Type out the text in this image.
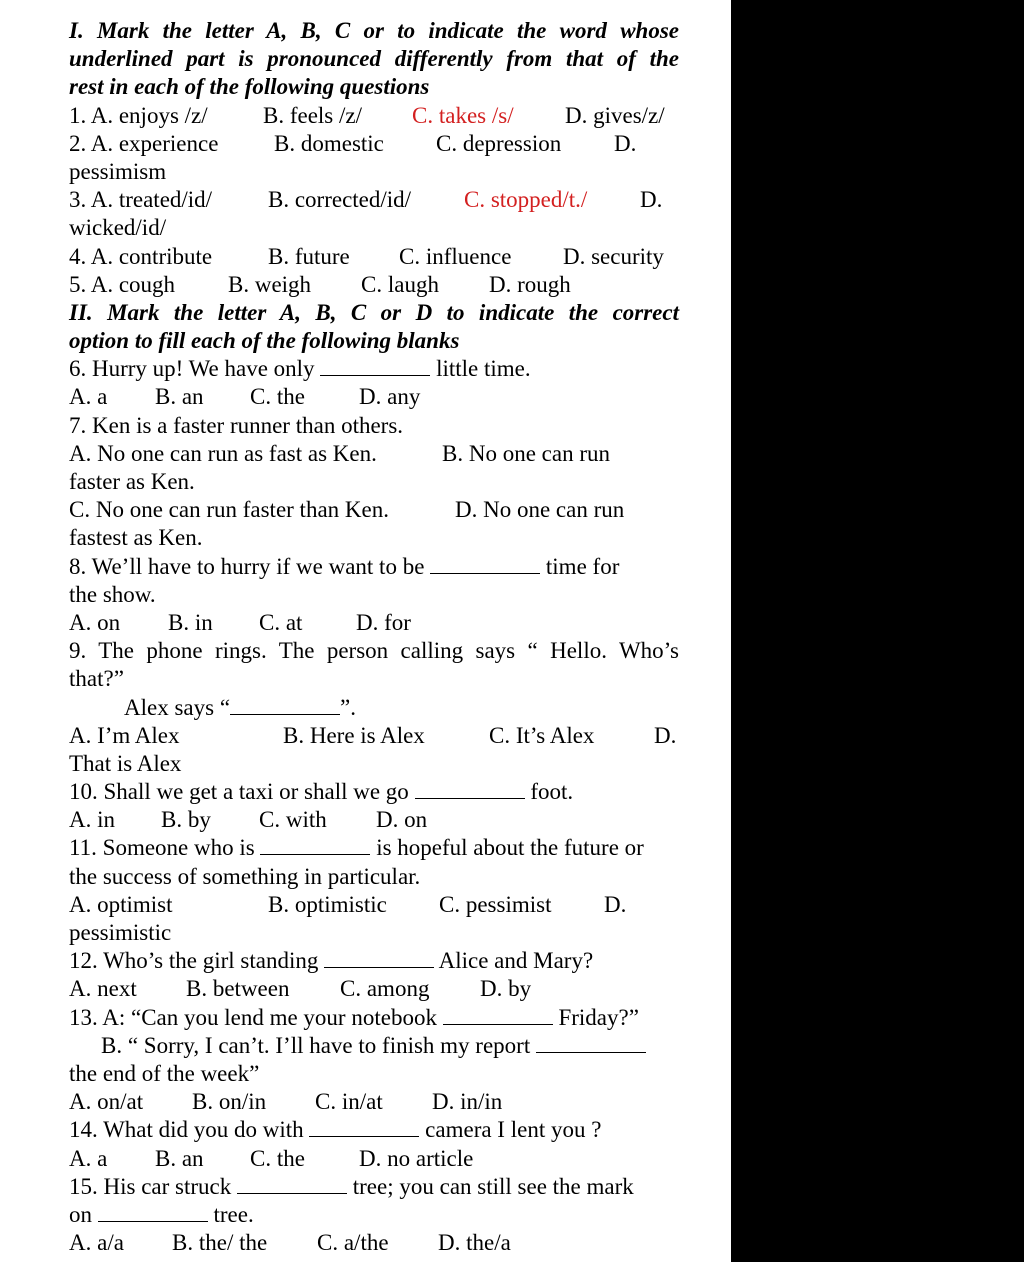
I. Mark the letter A, B, C or to indicate the word whose
underlined part is pronounced differently from that of the
rest in each of the following questions
1. A. enjoys /z/ B. feels /z/ C. takes /s/ D. gives/z/
2. A. experience B. domestic C. depression D.
pessimism
3. A. treated/id/ B. corrected/id/ C. stopped/t./ D.
wicked/id/
4. A. contribute B. future C. influence D. security
5. A. cough B. weigh C. laugh D. rough
II. Mark the letter A, B, C or D to indicate the correct
option to fill each of the following blanks
6. Hurry up! We have only	little time.
A. a B. an C. the D. any
7. Ken is a faster runner than others.
A. No one can run as fast as Ken.	B. No one can run
faster as Ken.
C. No one can run faster than Ken.	D. No one can run
fastest as Ken.
8. We’ll have to hurry if we want to be	time for
the show.
A. on B. in C. at D. for
9. The phone rings. The person calling says “ Hello. Who’s
that?”
Alex says “	”.
A. I’m Alex	B. Here is Alex	C. It’s Alex	D.
That is Alex
10. Shall we get a taxi or shall we go	foot.
A. in B. by C. with D. on
11. Someone who is	is hopeful about the future or
the success of something in particular.
A. optimist	B. optimistic C. pessimist D.
pessimistic
12. Who’s the girl standing	Alice and Mary?
A. next B. between C. among D. by
13. A: “Can you lend me your notebook	Friday?”
B. “ Sorry, I can’t. I’ll have to finish my report
the end of the week”
A. on/at B. on/in C. in/at D. in/in
14. What did you do with	camera I lent you ?
A. a B. an C. the D. no article
15. His car struck	tree; you can still see the mark
on	tree.
A. a/a B. the/ the C. a/the D. the/a
